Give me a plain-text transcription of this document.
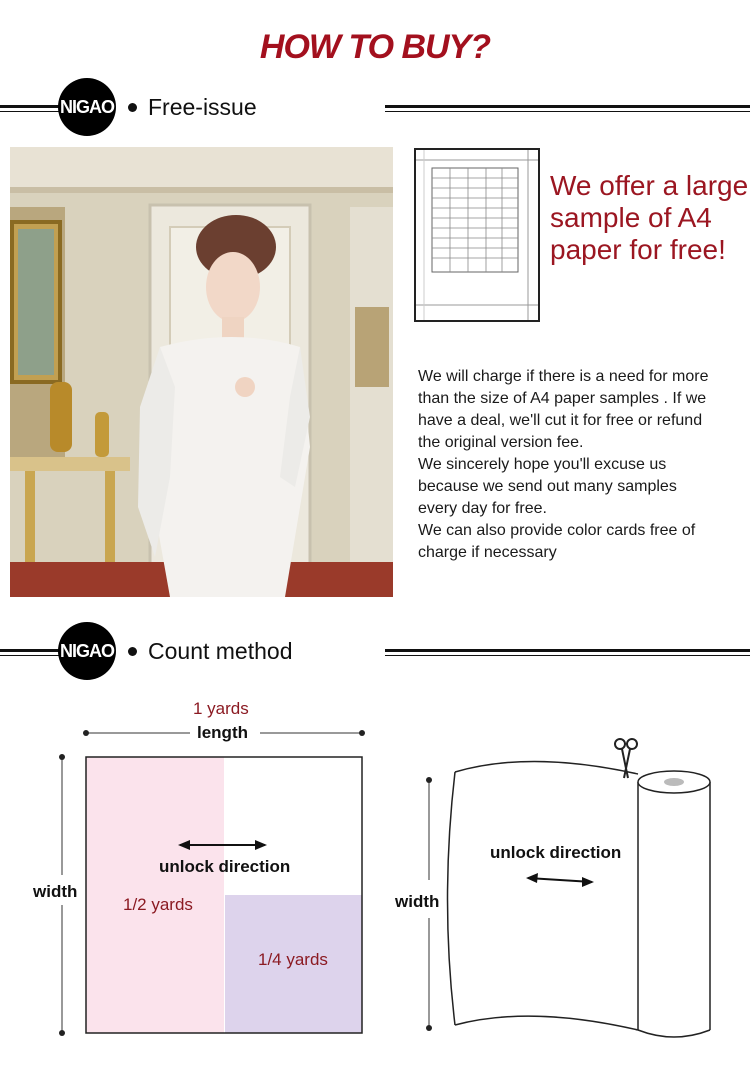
HOW TO BUY?
NIGAO Free-issue
We offer a large sample of A4 paper for free!
We will charge if there is a need for more
than the size of A4 paper samples . If we
have a deal, we'll cut it for free or refund
the original version fee.
We sincerely hope you'll excuse us
because we send out many samples
every day for free.
We can also provide color cards free of
charge if necessary
NIGAO Count method
1 yards
length
width
unlock direction
1/2 yards
1/4 yards
unlock direction
width
